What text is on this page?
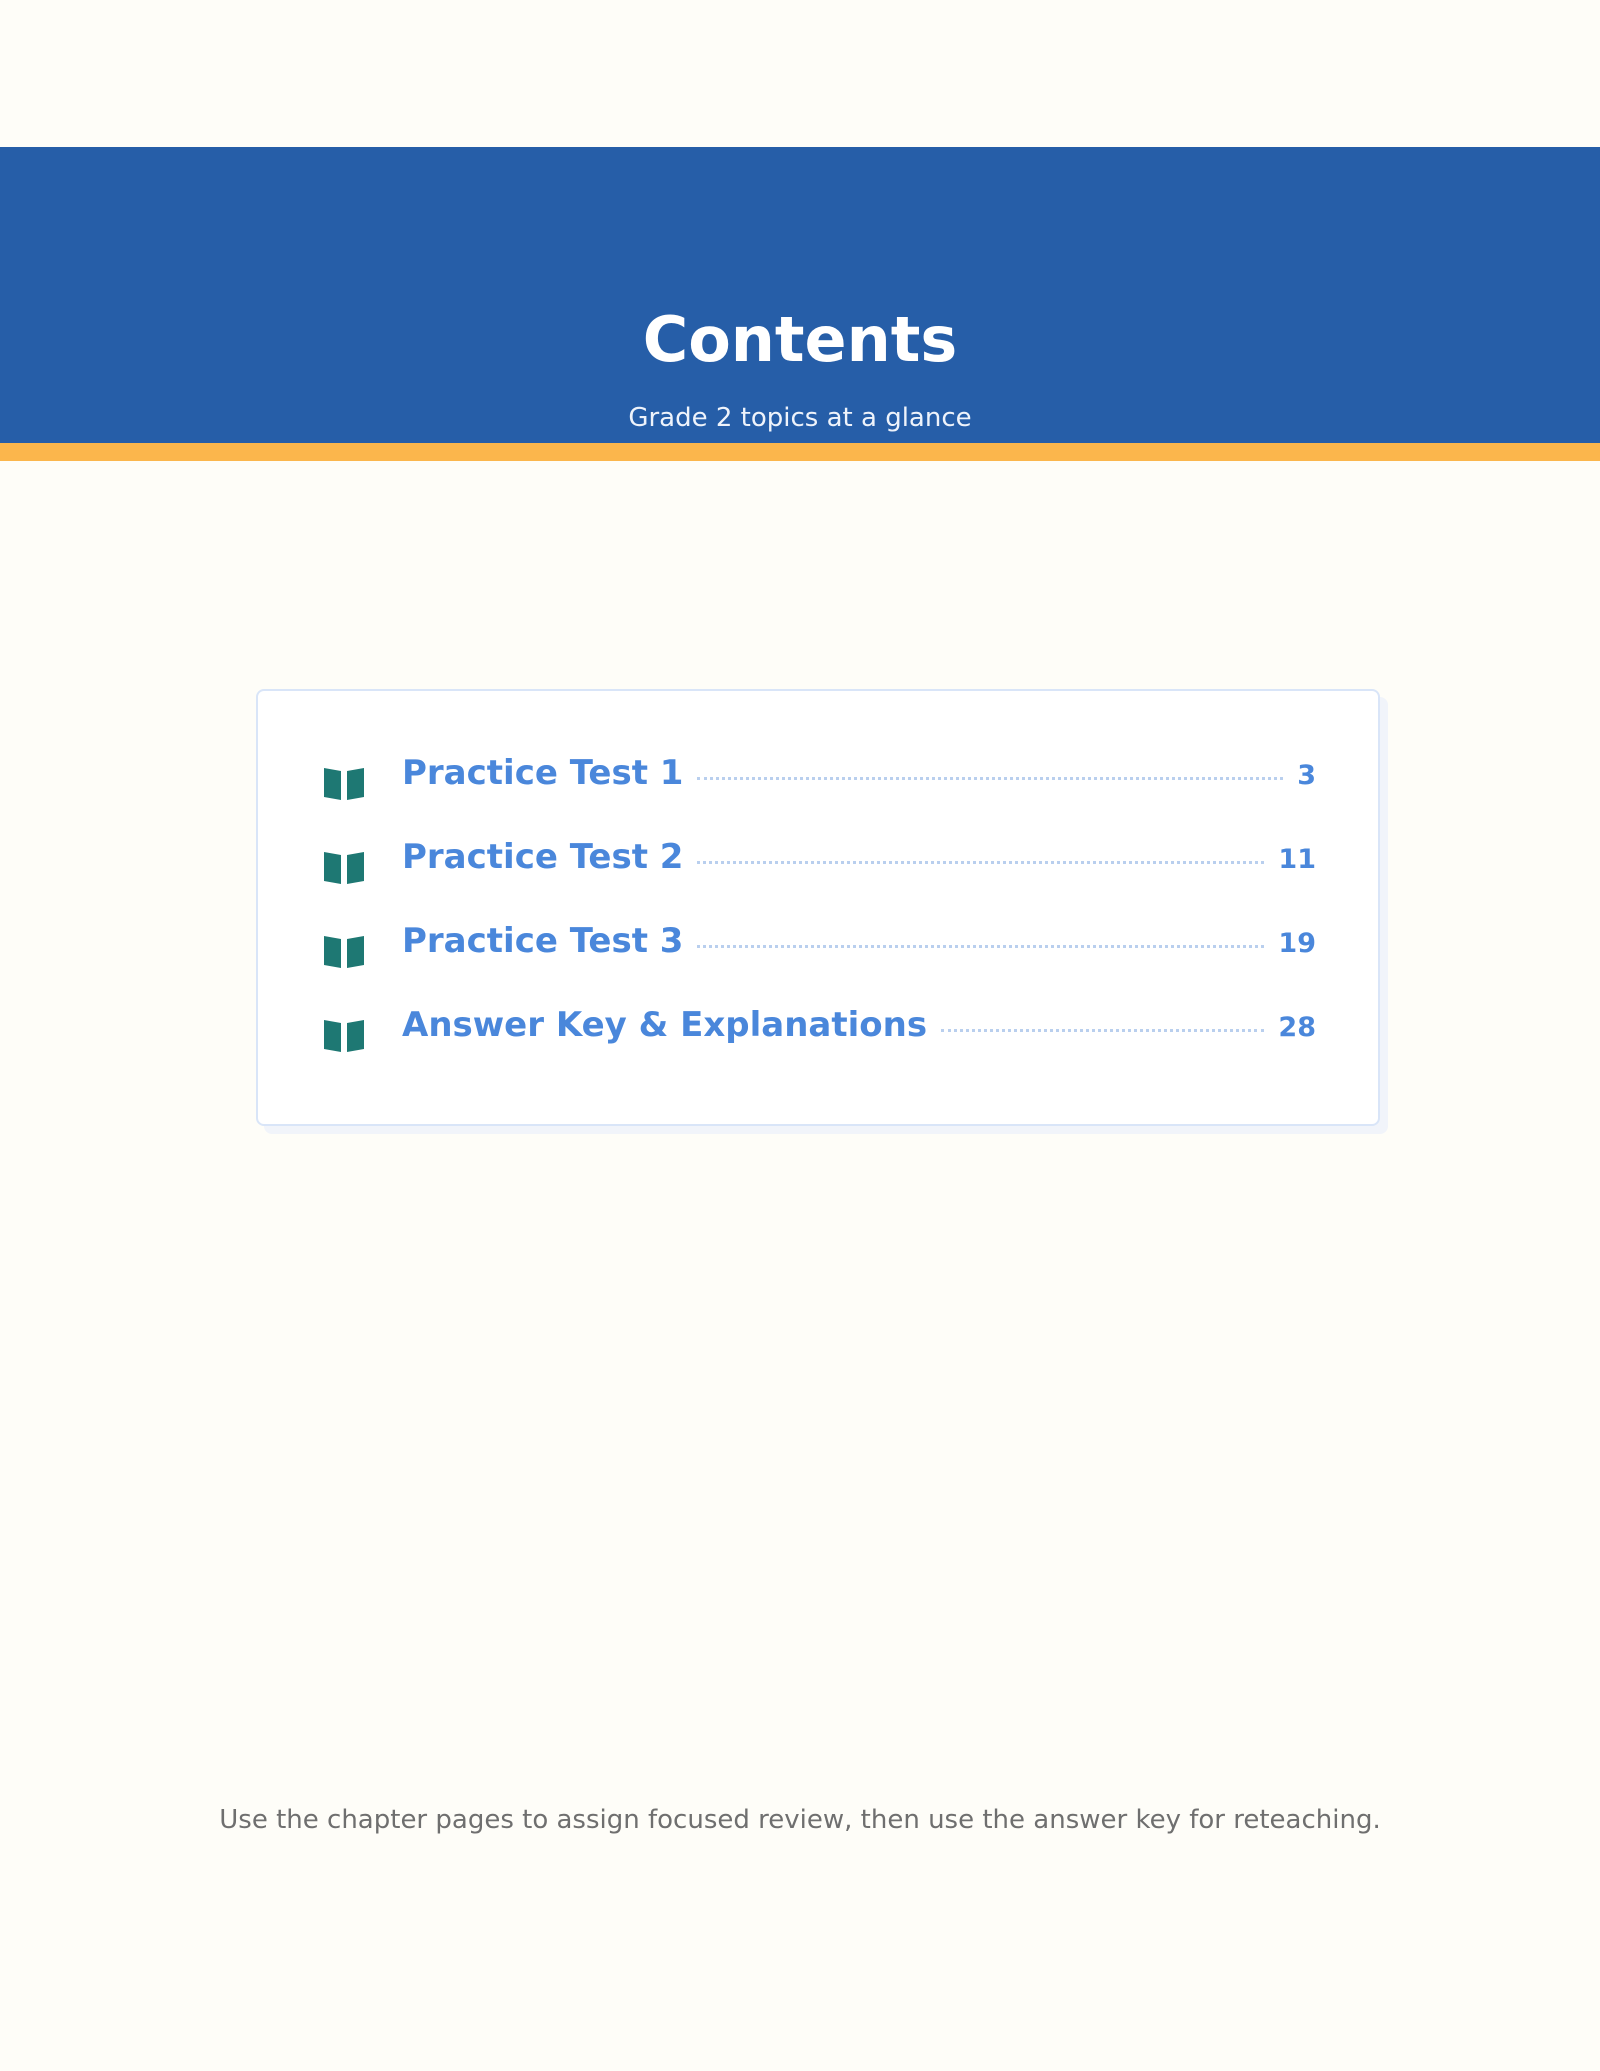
Contents

Grade 2 topics at a glance

Practice Test 1	3
Practice Test 2	11
Practice Test 3	19
Answer Key & Explanations	28

Use the chapter pages to assign focused review, then use the answer key for reteaching.
